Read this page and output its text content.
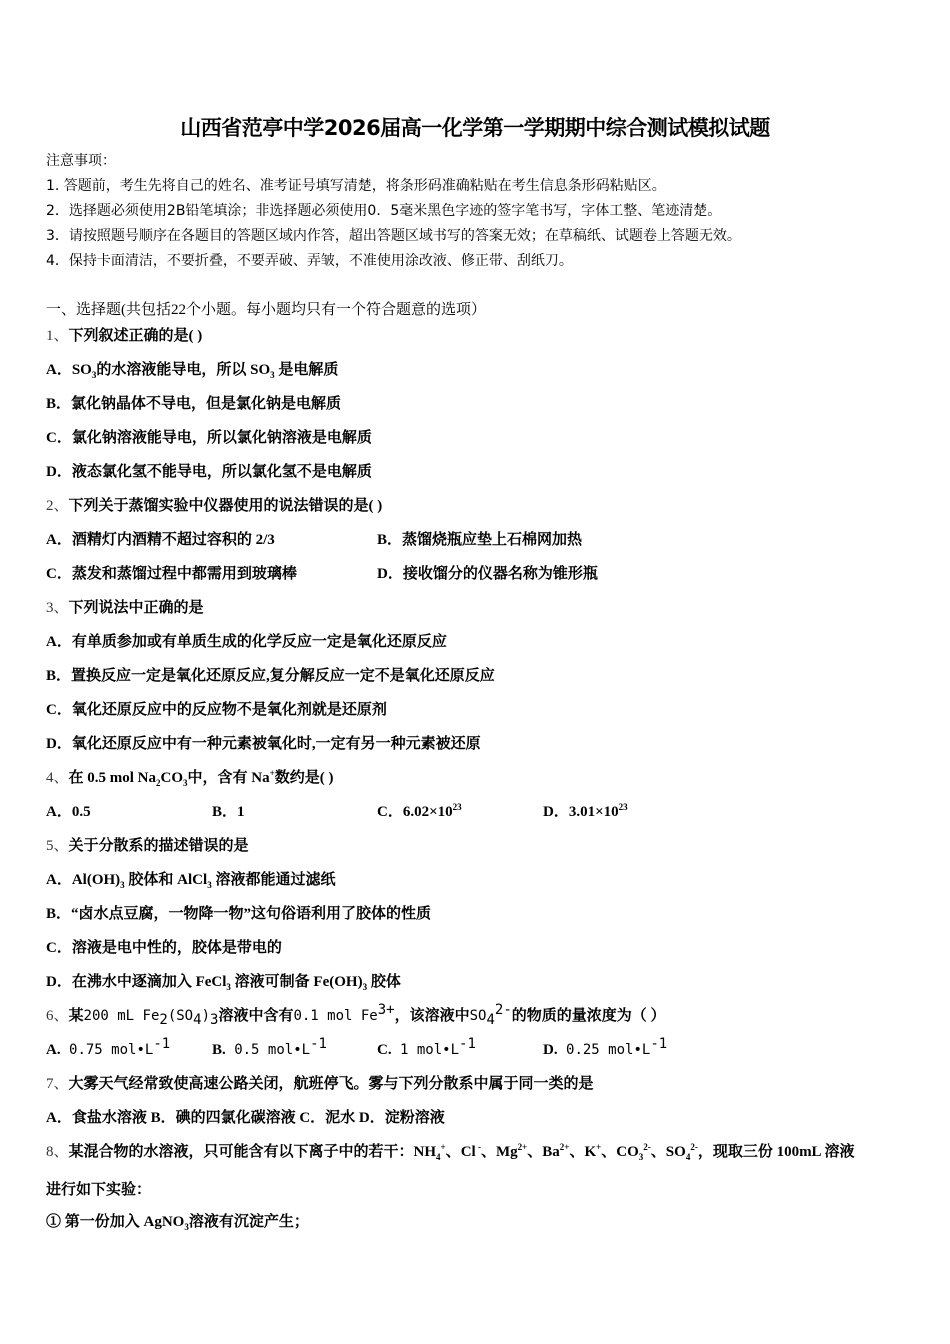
山西省范亭中学2026届高一化学第一学期期中综合测试模拟试题
注意事项：
1. 答题前，考生先将自己的姓名、准考证号填写清楚，将条形码准确粘贴在考生信息条形码粘贴区。
2．选择题必须使用2B铅笔填涂；非选择题必须使用0．5毫米黑色字迹的签字笔书写，字体工整、笔迹清楚。
3．请按照题号顺序在各题目的答题区域内作答，超出答题区域书写的答案无效；在草稿纸、试题卷上答题无效。
4．保持卡面清洁，不要折叠，不要弄破、弄皱，不准使用涂改液、修正带、刮纸刀。
一、选择题(共包括22个小题。每小题均只有一个符合题意的选项）
1、下列叙述正确的是( )
A．$SO_3$的水溶液能导电，所以 $SO_3$ 是电解质
B．氯化钠晶体不导电，但是氯化钠是电解质
C．氯化钠溶液能导电，所以氯化钠溶液是电解质
D．液态氯化氢不能导电，所以氯化氢不是电解质
2、下列关于蒸馏实验中仪器使用的说法错误的是( )
A．酒精灯内酒精不超过容积的 2/3	B．蒸馏烧瓶应垫上石棉网加热
C．蒸发和蒸馏过程中都需用到玻璃棒	D．接收馏分的仪器名称为锥形瓶
3、下列说法中正确的是
A．有单质参加或有单质生成的化学反应一定是氧化还原反应
B．置换反应一定是氧化还原反应,复分解反应一定不是氧化还原反应
C．氧化还原反应中的反应物不是氧化剂就是还原剂
D．氧化还原反应中有一种元素被氧化时,一定有另一种元素被还原
4、在 0.5 mol $Na_2CO_3$中，含有 Na+数约是( )
A．0.5	B．1	C．$6.02\times 10^{23}$	D．$3.01\times 10^{23}$
5、关于分散系的描述错误的是
A．$Al(OH)_3$ 胶体和 AlCl$_3$ 溶液都能通过滤纸
B．“卤水点豆腐，一物降一物”这句俗语利用了胶体的性质
C．溶液是电中性的，胶体是带电的
D．在沸水中逐滴加入 FeCl$_3$ 溶液可制备 $Fe(OH)_3$ 胶体
6、某200 mL $Fe_2(SO_4)_3$溶液中含有0.1 mol $Fe^{3+}$，该溶液中$SO_4^{2-}$的物质的量浓度为（ ）
A. 0.75 $mol•L^{-1}$	B. 0.5 $mol•L^{-1}$	C. 1 $mol•L^{-1}$	D. 0.25 $mol•L^{-1}$
7、大雾天气经常致使高速公路关闭，航班停飞。雾与下列分散系中属于同一类的是
A．食盐水溶液 B．碘的四氯化碳溶液 C．泥水 D．淀粉溶液
8、某混合物的水溶液，只可能含有以下离子中的若干：$NH_4^+$、Cl -、$Mg^{2+}$、$Ba^{2+}$、K+、$CO_3^{2-}$、$SO_4^{2-}$，现取三份 100mL 溶液
进行如下实验：
① 第一份加入 AgNO$_3$溶液有沉淀产生；
